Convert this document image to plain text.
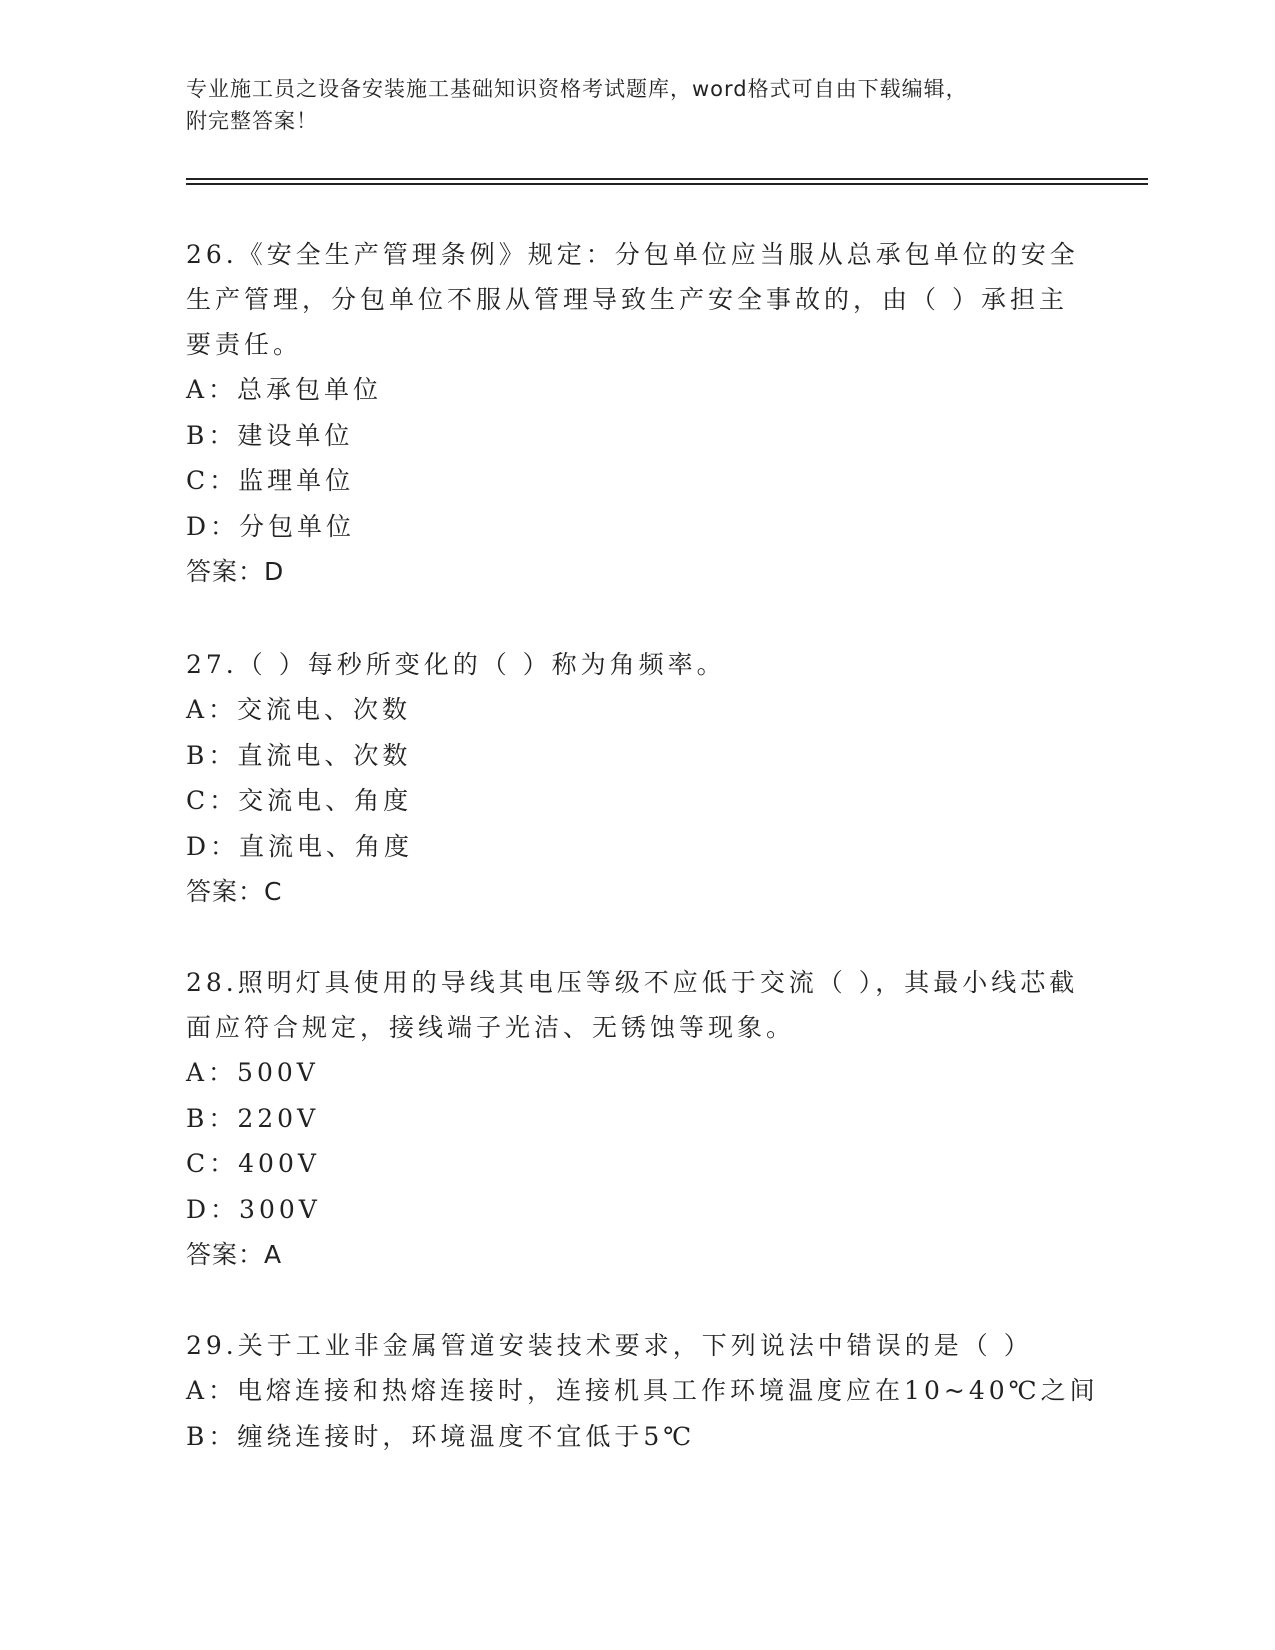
专业施工员之设备安装施工基础知识资格考试题库，word格式可自由下载编辑，
附完整答案！
26.《安全生产管理条例》规定：分包单位应当服从总承包单位的安全生产管理，分包单位不服从管理导致生产安全事故的，由（ ）承担主要责任。
A：总承包单位
B：建设单位
C：监理单位
D：分包单位
答案：D
27.（ ）每秒所变化的（ ）称为角频率。
A：交流电、次数
B：直流电、次数
C：交流电、角度
D：直流电、角度
答案：C
28.照明灯具使用的导线其电压等级不应低于交流（ ），其最小线芯截面应符合规定，接线端子光洁、无锈蚀等现象。
A：500V
B：220V
C：400V
D：300V
答案：A
29.关于工业非金属管道安装技术要求，下列说法中错误的是（ ）
A：电熔连接和热熔连接时，连接机具工作环境温度应在10~40℃之间
B：缠绕连接时，环境温度不宜低于5℃
